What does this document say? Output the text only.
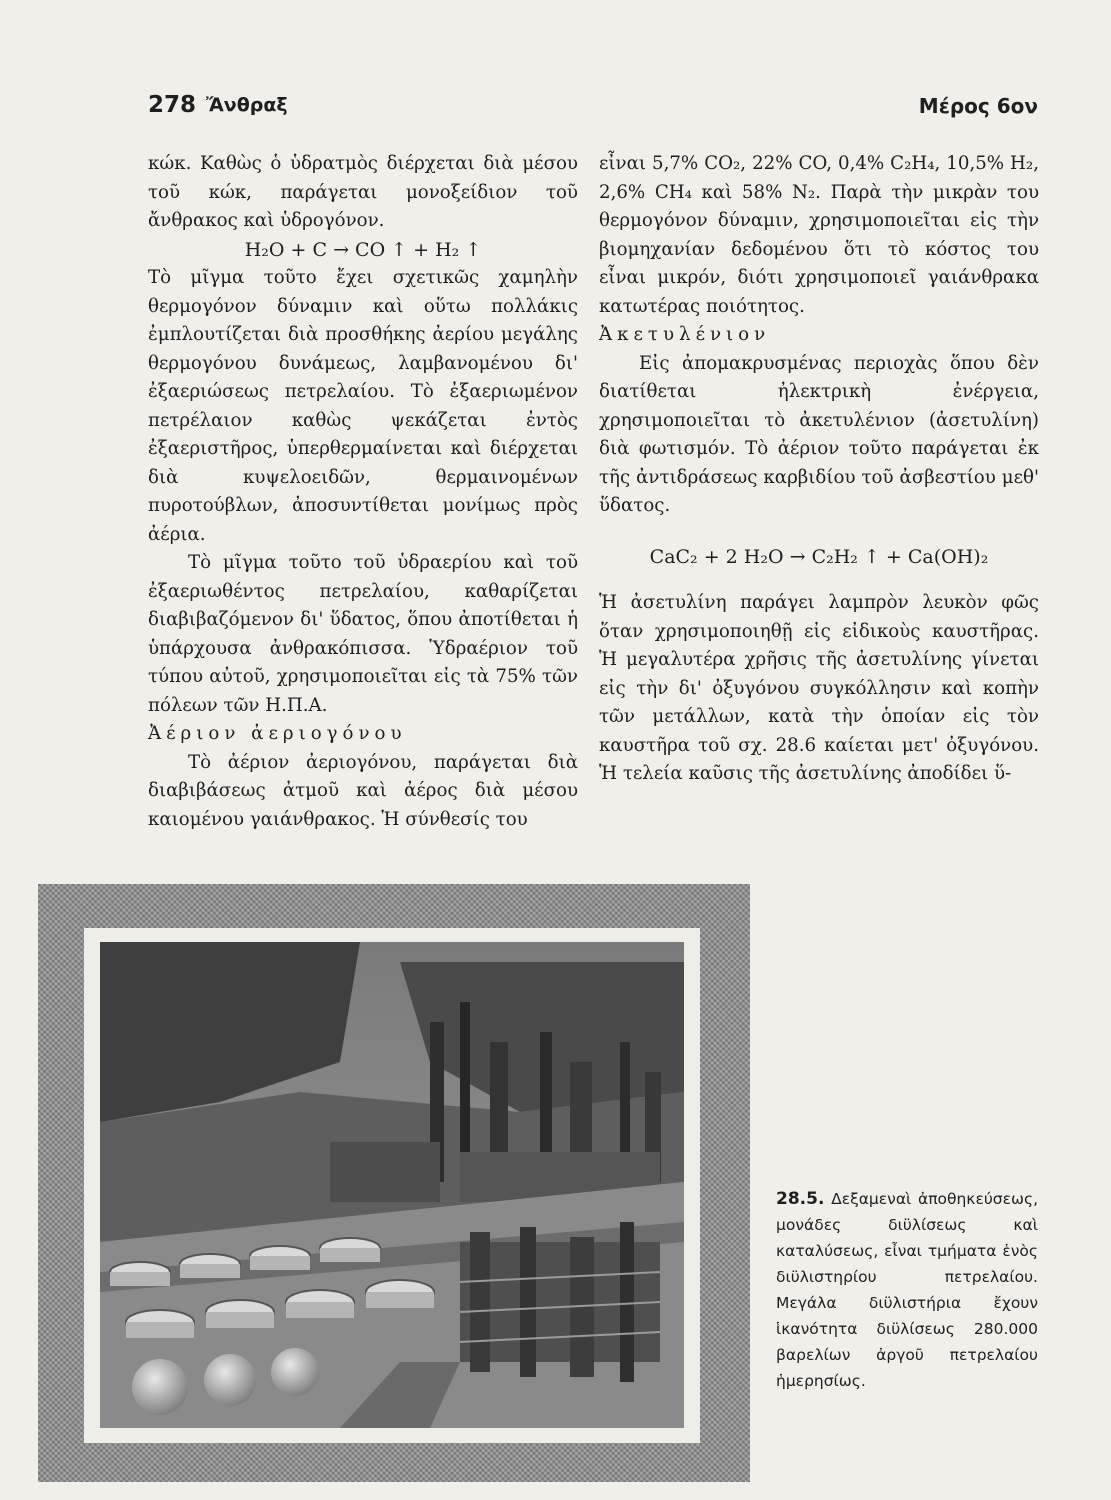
278 Ἄνθραξ	Μέρος 6ον

κώκ. Καθὼς ὁ ὑδρατμὸς διέρχεται διὰ μέσου τοῦ κώκ, παράγεται μονοξείδιον τοῦ ἄνθρακος καὶ ὑδρογόνον.

H₂O + C → CO ↑ + H₂ ↑

Τὸ μῖγμα τοῦτο ἔχει σχετικῶς χαμηλὴν θερμογόνον δύναμιν καὶ οὕτω πολλάκις ἐμπλουτίζεται διὰ προσθήκης ἀερίου μεγάλης θερμογόνου δυνάμεως, λαμβανομένου δι' ἐξαεριώσεως πετρελαίου. Τὸ ἐξαεριωμένον πετρέλαιον καθὼς ψεκάζεται ἐντὸς ἐξαεριστῆρος, ὑπερθερμαίνεται καὶ διέρχεται διὰ κυψελοειδῶν, θερμαινομένων πυροτούβλων, ἀποσυντίθεται μονίμως πρὸς ἀέρια.

Τὸ μῖγμα τοῦτο τοῦ ὑδραερίου καὶ τοῦ ἐξαεριωθέντος πετρελαίου, καθαρίζεται διαβιβαζόμενον δι' ὕδατος, ὅπου ἀποτίθεται ἡ ὑπάρχουσα ἀνθρακόπισσα. Ὑδραέριον τοῦ τύπου αὐτοῦ, χρησιμοποιεῖται εἰς τὰ 75% τῶν πόλεων τῶν Η.Π.Α.

Ἀέριον ἀεριογόνου

Τὸ ἀέριον ἀεριογόνου, παράγεται διὰ διαβιβάσεως ἀτμοῦ καὶ ἀέρος διὰ μέσου καιομένου γαιάνθρακος. Ἡ σύνθεσίς του

εἶναι 5,7% CO₂, 22% CO, 0,4% C₂H₄, 10,5% H₂, 2,6% CH₄ καὶ 58% N₂. Παρὰ τὴν μικρὰν του θερμογόνον δύναμιν, χρησιμοποιεῖται εἰς τὴν βιομηχανίαν δεδομένου ὅτι τὸ κόστος του εἶναι μικρόν, διότι χρησιμοποιεῖ γαιάνθρακα κατωτέρας ποιότητος.

Ἀκετυλένιον

Εἰς ἀπομακρυσμένας περιοχὰς ὅπου δὲν διατίθεται ἠλεκτρικὴ ἐνέργεια, χρησιμοποιεῖται τὸ ἀκετυλένιον (ἀσετυλίνη) διὰ φωτισμόν. Τὸ ἀέριον τοῦτο παράγεται ἐκ τῆς ἀντιδράσεως καρβιδίου τοῦ ἀσβεστίου μεθ' ὕδατος.

CaC₂ + 2 H₂O → C₂H₂ ↑ + Ca(OH)₂

Ἡ ἀσετυλίνη παράγει λαμπρὸν λευκὸν φῶς ὅταν χρησιμοποιηθῇ εἰς εἰδικοὺς καυστῆρας. Ἡ μεγαλυτέρα χρῆσις τῆς ἀσετυλίνης γίνεται εἰς τὴν δι' ὀξυγόνου συγκόλλησιν καὶ κοπὴν τῶν μετάλλων, κατὰ τὴν ὁποίαν εἰς τὸν καυστῆρα τοῦ σχ. 28.6 καίεται μετ' ὀξυγόνου. Ἡ τελεία καῦσις τῆς ἀσετυλίνης ἀποδίδει ὕ-

28.5. Δεξαμεναὶ ἀποθηκεύσεως, μονάδες διϋλίσεως καὶ καταλύσεως, εἶναι τμήματα ἑνὸς διϋλιστηρίου πετρελαίου. Μεγάλα διϋλιστήρια ἔχουν ἱκανότητα διϋλίσεως 280.000 βαρελίων ἀργοῦ πετρελαίου ἡμερησίως.
